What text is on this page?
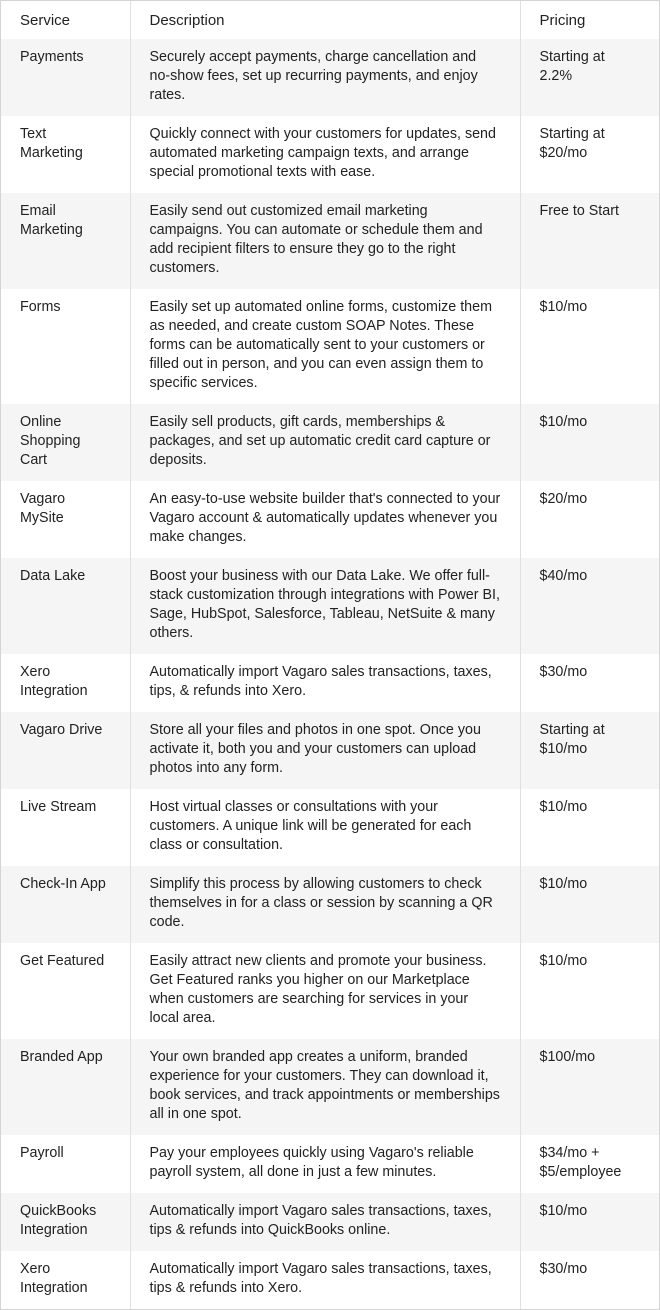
Service	Description	Pricing
Payments	Securely accept payments, charge cancellation and no-show fees, set up recurring payments, and enjoy rates.	Starting at 2.2%
Text Marketing	Quickly connect with your customers for updates, send automated marketing campaign texts, and arrange special promotional texts with ease.	Starting at $20/mo
Email Marketing	Easily send out customized email marketing campaigns. You can automate or schedule them and add recipient filters to ensure they go to the right customers.	Free to Start
Forms	Easily set up automated online forms, customize them as needed, and create custom SOAP Notes. These forms can be automatically sent to your customers or filled out in person, and you can even assign them to specific services.	$10/mo
Online Shopping Cart	Easily sell products, gift cards, memberships & packages, and set up automatic credit card capture or deposits.	$10/mo
Vagaro MySite	An easy-to-use website builder that's connected to your Vagaro account & automatically updates whenever you make changes.	$20/mo
Data Lake	Boost your business with our Data Lake. We offer full-stack customization through integrations with Power BI, Sage, HubSpot, Salesforce, Tableau, NetSuite & many others.	$40/mo
Xero Integration	Automatically import Vagaro sales transactions, taxes, tips, & refunds into Xero.	$30/mo
Vagaro Drive	Store all your files and photos in one spot. Once you activate it, both you and your customers can upload photos into any form.	Starting at $10/mo
Live Stream	Host virtual classes or consultations with your customers. A unique link will be generated for each class or consultation.	$10/mo
Check-In App	Simplify this process by allowing customers to check themselves in for a class or session by scanning a QR code.	$10/mo
Get Featured	Easily attract new clients and promote your business. Get Featured ranks you higher on our Marketplace when customers are searching for services in your local area.	$10/mo
Branded App	Your own branded app creates a uniform, branded experience for your customers. They can download it, book services, and track appointments or memberships all in one spot.	$100/mo
Payroll	Pay your employees quickly using Vagaro's reliable payroll system, all done in just a few minutes.	$34/mo + $5/employee
QuickBooks Integration	Automatically import Vagaro sales transactions, taxes, tips & refunds into QuickBooks online.	$10/mo
Xero Integration	Automatically import Vagaro sales transactions, taxes, tips & refunds into Xero.	$30/mo
